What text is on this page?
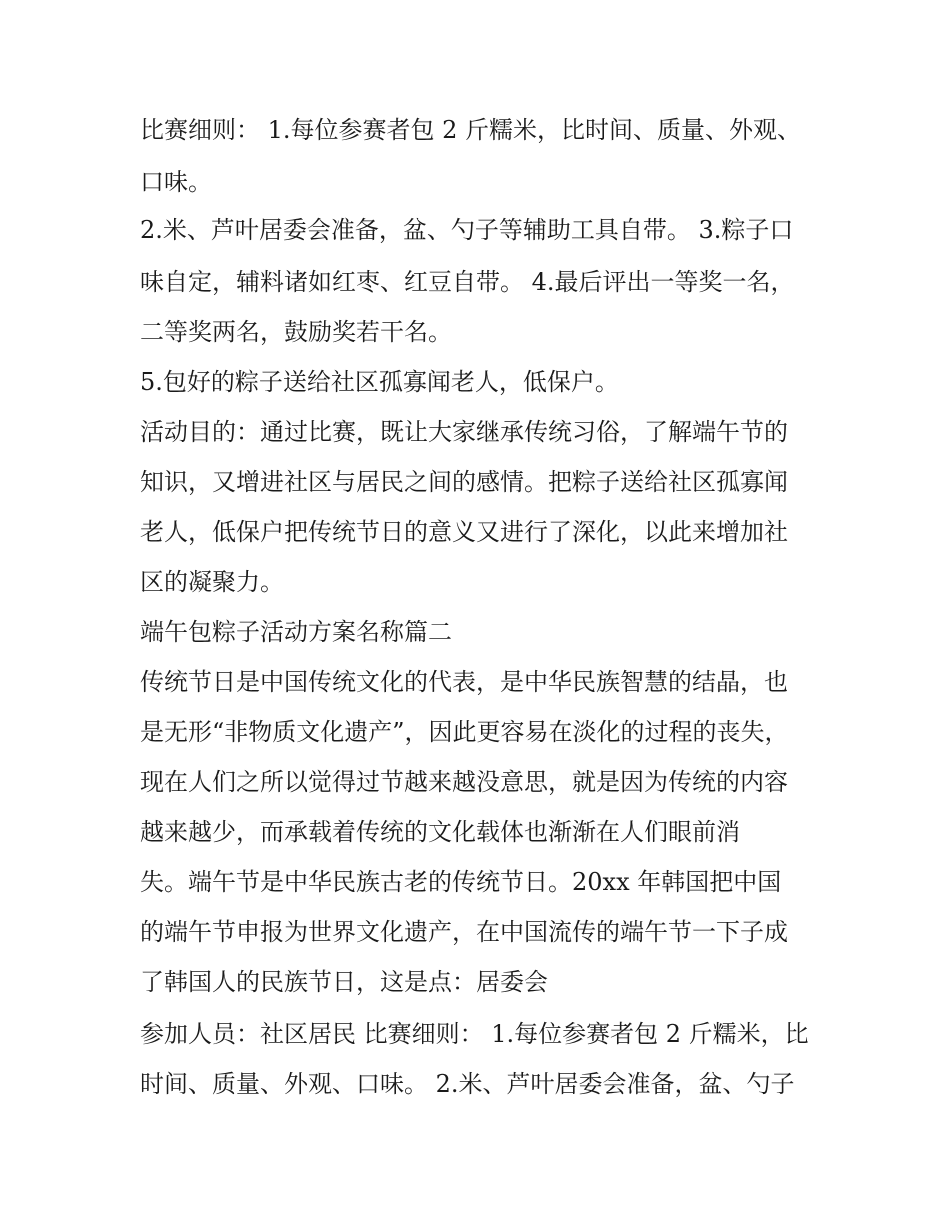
比赛细则： 1.每位参赛者包 2 斤糯米，比时间、质量、外观、
口味。
2.米、芦叶居委会准备，盆、勺子等辅助工具自带。 3.粽子口
味自定，辅料诸如红枣、红豆自带。 4.最后评出一等奖一名，
二等奖两名，鼓励奖若干名。
5.包好的粽子送给社区孤寡闻老人，低保户。
活动目的：通过比赛，既让大家继承传统习俗，了解端午节的
知识，又增进社区与居民之间的感情。把粽子送给社区孤寡闻
老人，低保户把传统节日的意义又进行了深化，以此来增加社
区的凝聚力。
端午包粽子活动方案名称篇二
传统节日是中国传统文化的代表，是中华民族智慧的结晶，也
是无形“非物质文化遗产”，因此更容易在淡化的过程的丧失，
现在人们之所以觉得过节越来越没意思，就是因为传统的内容
越来越少，而承载着传统的文化载体也渐渐在人们眼前消
失。端午节是中华民族古老的传统节日。20xx 年韩国把中国
的端午节申报为世界文化遗产，在中国流传的端午节一下子成
了韩国人的民族节日，这是点：居委会
参加人员：社区居民 比赛细则： 1.每位参赛者包 2 斤糯米，比
时间、质量、外观、口味。 2.米、芦叶居委会准备，盆、勺子
